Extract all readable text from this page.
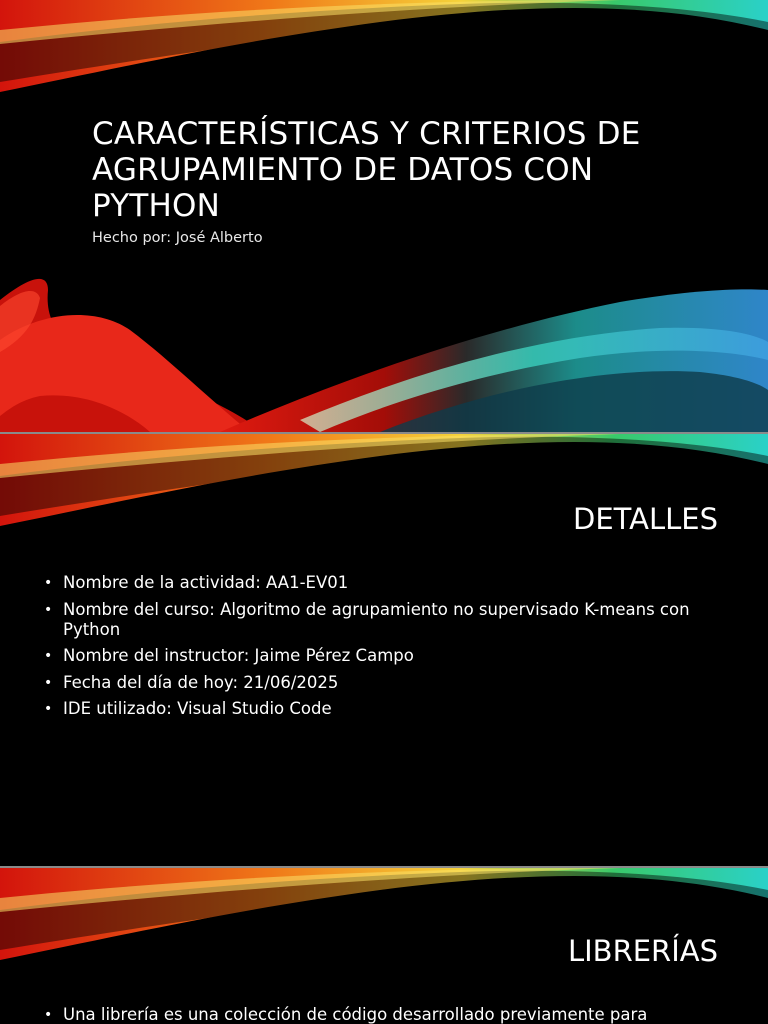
CARACTERÍSTICAS Y CRITERIOS DE AGRUPAMIENTO DE DATOS CON PYTHON

Hecho por: José Alberto

DETALLES
• Nombre de la actividad: AA1-EV01
• Nombre del curso: Algoritmo de agrupamiento no supervisado K-means con Python
• Nombre del instructor: Jaime Pérez Campo
• Fecha del día de hoy: 21/06/2025
• IDE utilizado: Visual Studio Code
LIBRERÍAS
• Una librería es una colección de código desarrollado previamente para
